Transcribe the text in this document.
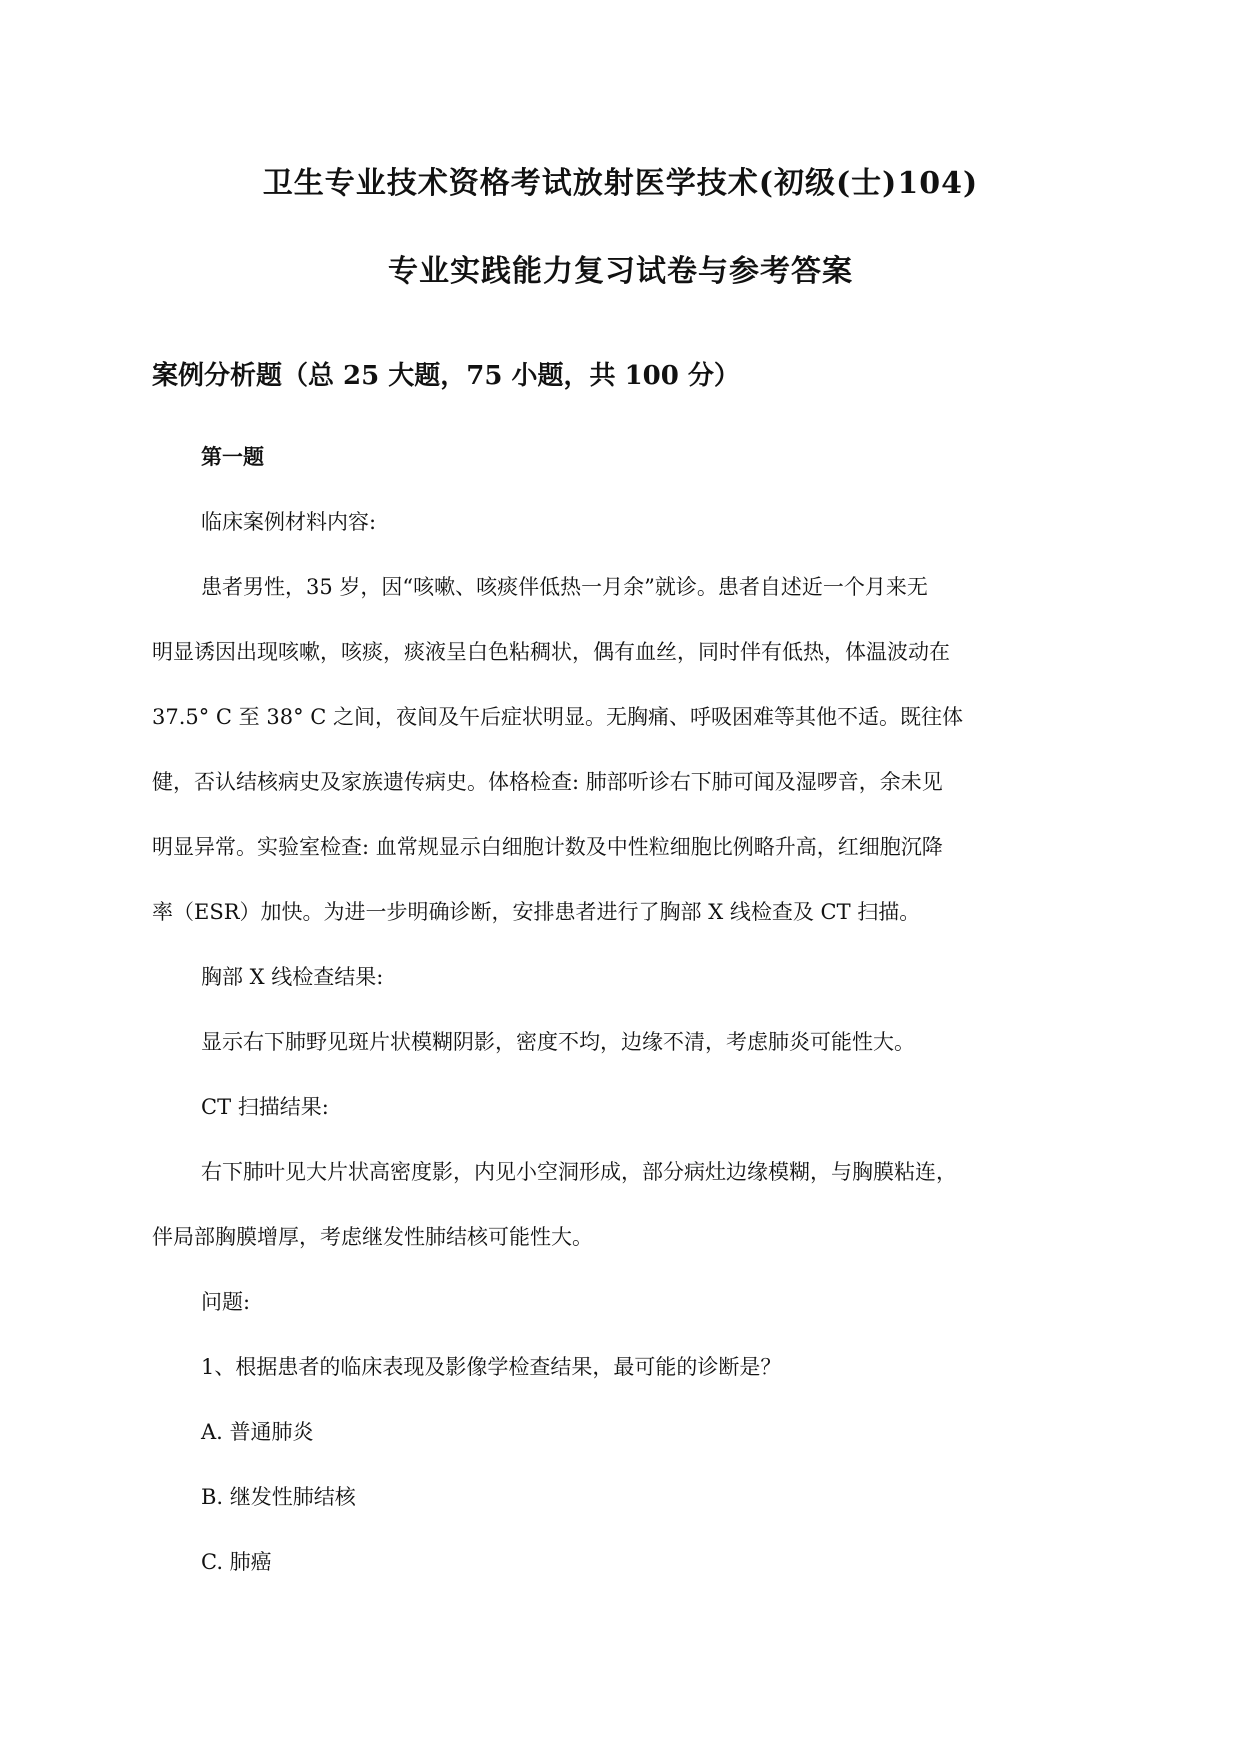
卫生专业技术资格考试放射医学技术(初级(士)104)
专业实践能力复习试卷与参考答案
案例分析题（总 25 大题，75 小题，共 100 分）
第一题
临床案例材料内容:
患者男性，35 岁，因“咳嗽、咳痰伴低热一月余”就诊。患者自述近一个月来无
明显诱因出现咳嗽，咳痰，痰液呈白色粘稠状，偶有血丝，同时伴有低热，体温波动在
37.5° C 至 38° C 之间，夜间及午后症状明显。无胸痛、呼吸困难等其他不适。既往体
健，否认结核病史及家族遗传病史。体格检查: 肺部听诊右下肺可闻及湿啰音，余未见
明显异常。实验室检查: 血常规显示白细胞计数及中性粒细胞比例略升高，红细胞沉降
率（ESR）加快。为进一步明确诊断，安排患者进行了胸部 X 线检查及 CT 扫描。
胸部 X 线检查结果:
显示右下肺野见斑片状模糊阴影，密度不均，边缘不清，考虑肺炎可能性大。
CT 扫描结果:
右下肺叶见大片状高密度影，内见小空洞形成，部分病灶边缘模糊，与胸膜粘连，
伴局部胸膜增厚，考虑继发性肺结核可能性大。
问题:
1、根据患者的临床表现及影像学检查结果，最可能的诊断是？
A. 普通肺炎
B. 继发性肺结核
C. 肺癌
